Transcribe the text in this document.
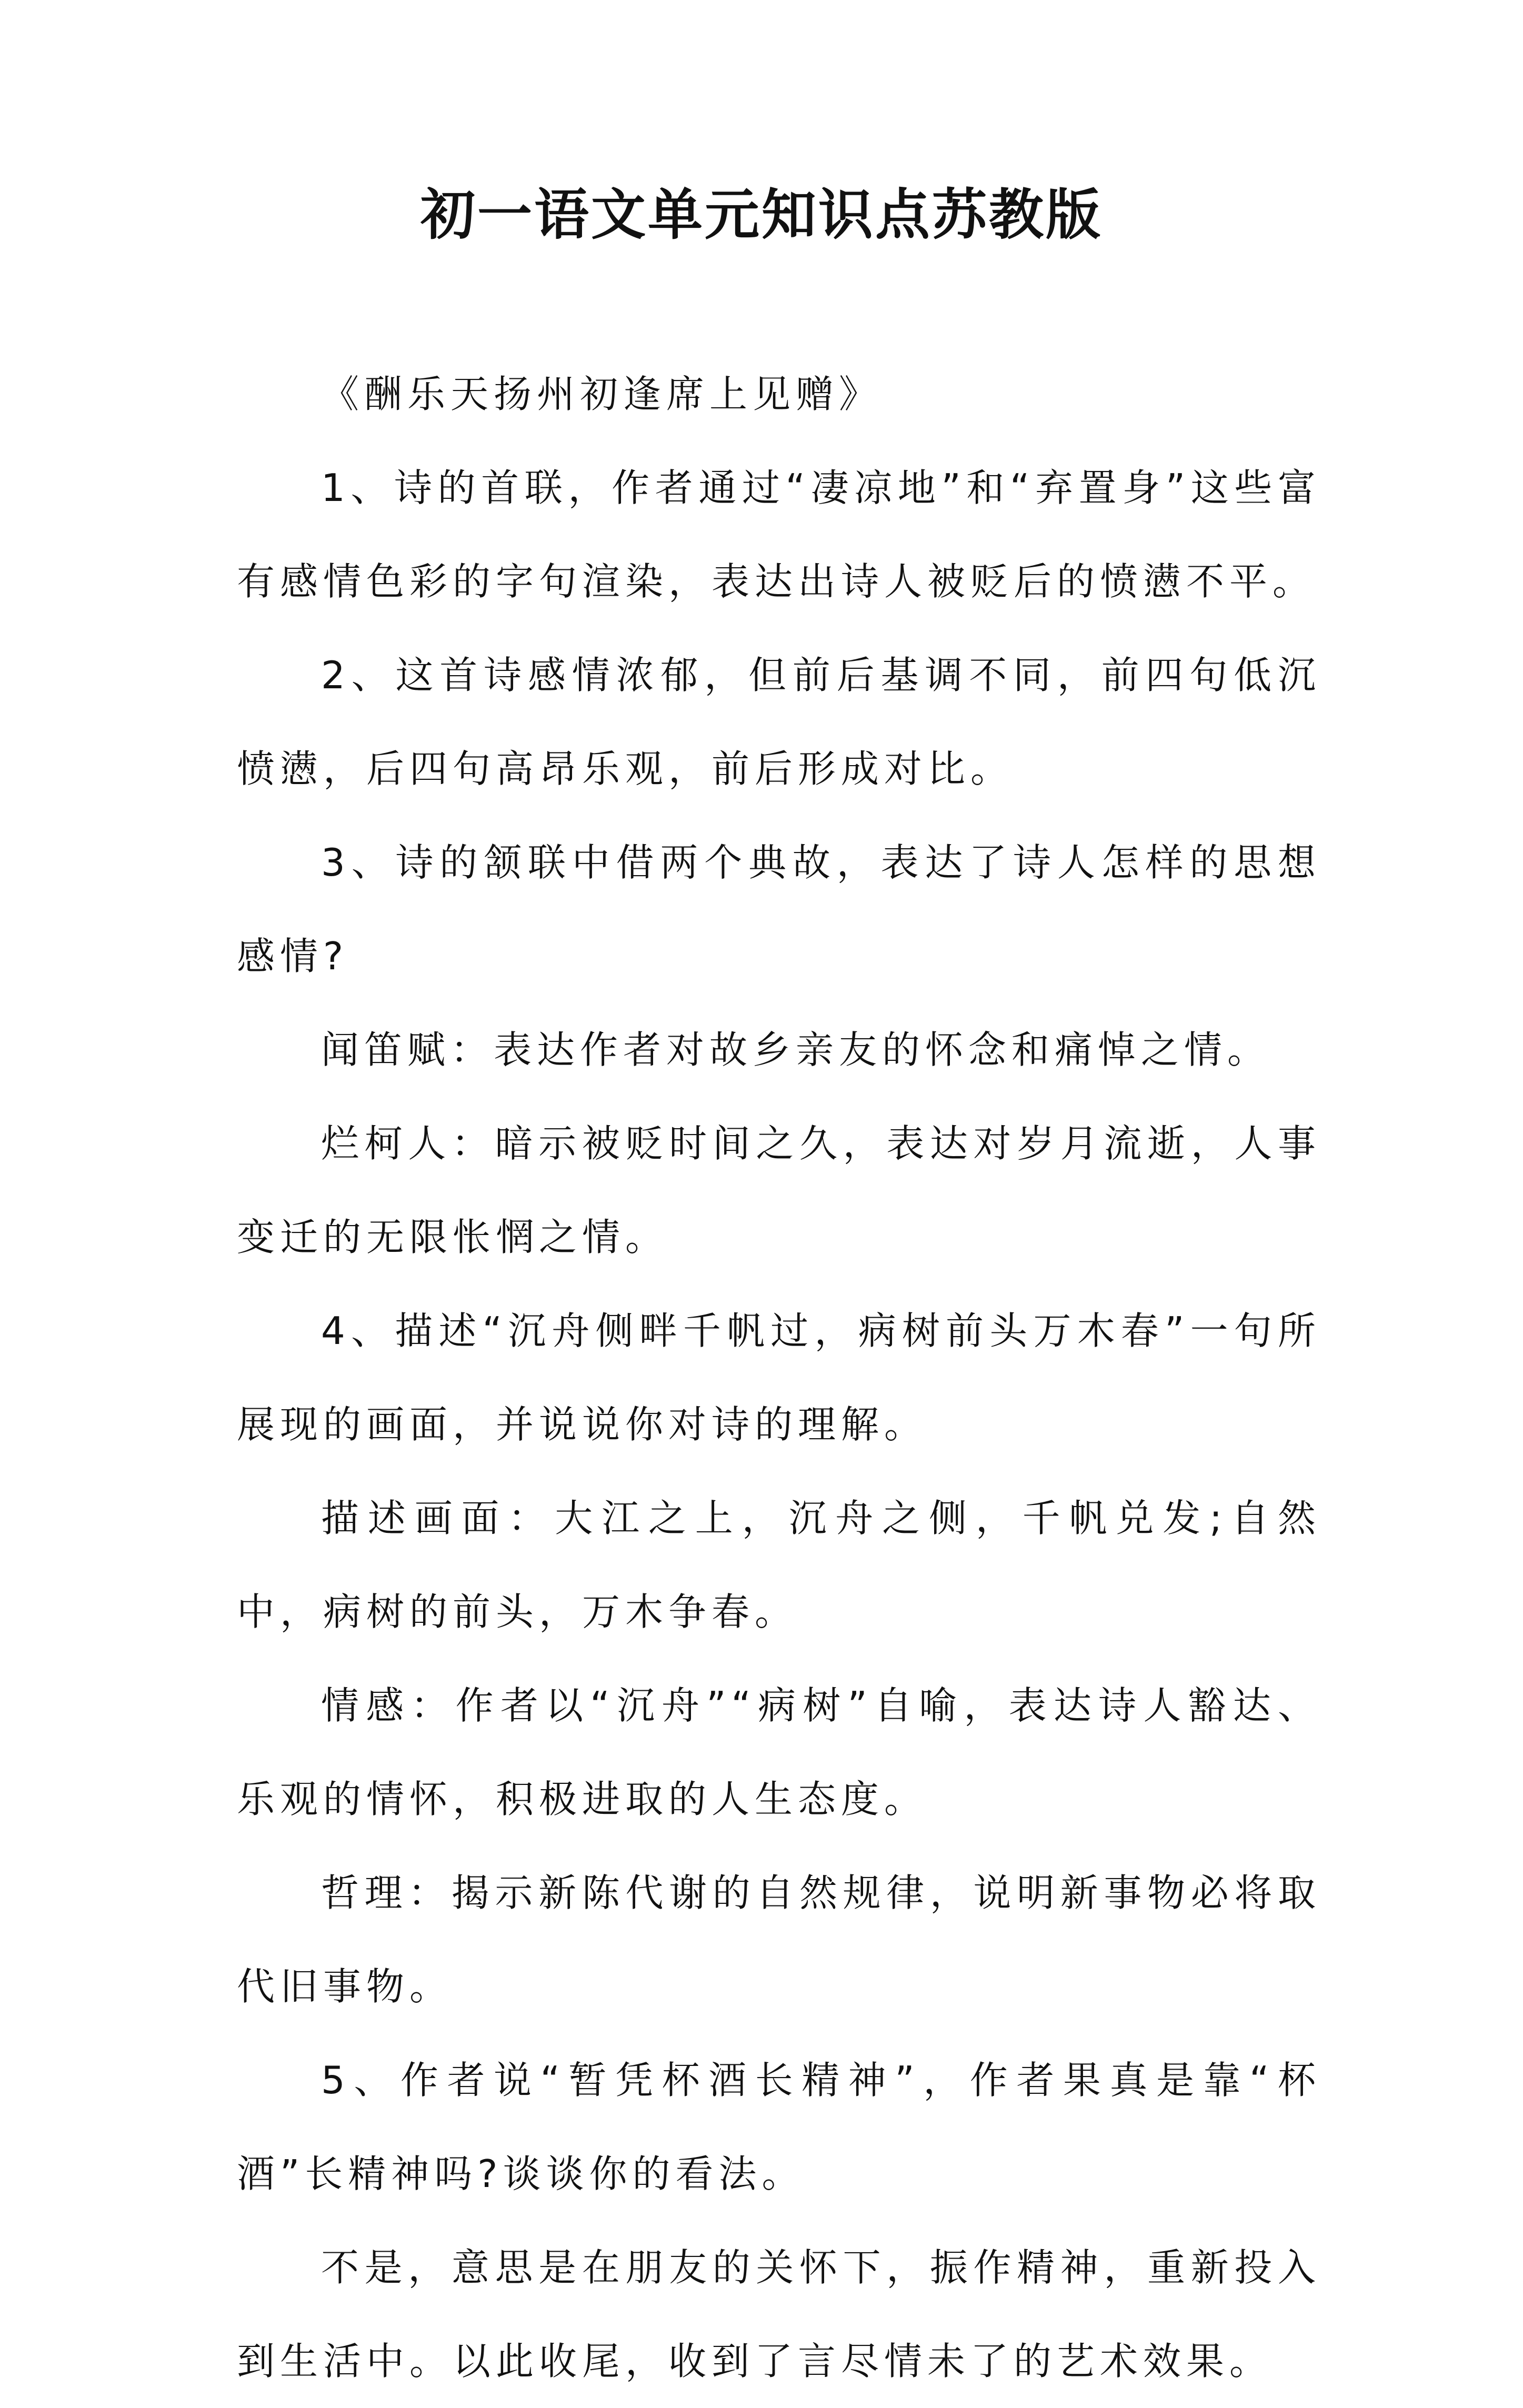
初一语文单元知识点苏教版

《酬乐天扬州初逢席上见赠》

1、诗的首联，作者通过“凄凉地”和“弃置身”这些富有感情色彩的字句渲染，表达出诗人被贬后的愤懑不平。

2、这首诗感情浓郁，但前后基调不同，前四句低沉愤懑，后四句高昂乐观，前后形成对比。

3、诗的颔联中借两个典故，表达了诗人怎样的思想感情?

闻笛赋：表达作者对故乡亲友的怀念和痛悼之情。

烂柯人：暗示被贬时间之久，表达对岁月流逝，人事变迁的无限怅惘之情。

4、描述“沉舟侧畔千帆过，病树前头万木春”一句所展现的画面，并说说你对诗的理解。

描述画面：大江之上，沉舟之侧，千帆兑发;自然中，病树的前头，万木争春。

情感：作者以“沉舟”“病树”自喻，表达诗人豁达、乐观的情怀，积极进取的人生态度。

哲理：揭示新陈代谢的自然规律，说明新事物必将取代旧事物。

5、作者说“暂凭杯酒长精神”，作者果真是靠“杯酒”长精神吗?谈谈你的看法。

不是，意思是在朋友的关怀下，振作精神，重新投入到生活中。以此收尾，收到了言尽情未了的艺术效果。
